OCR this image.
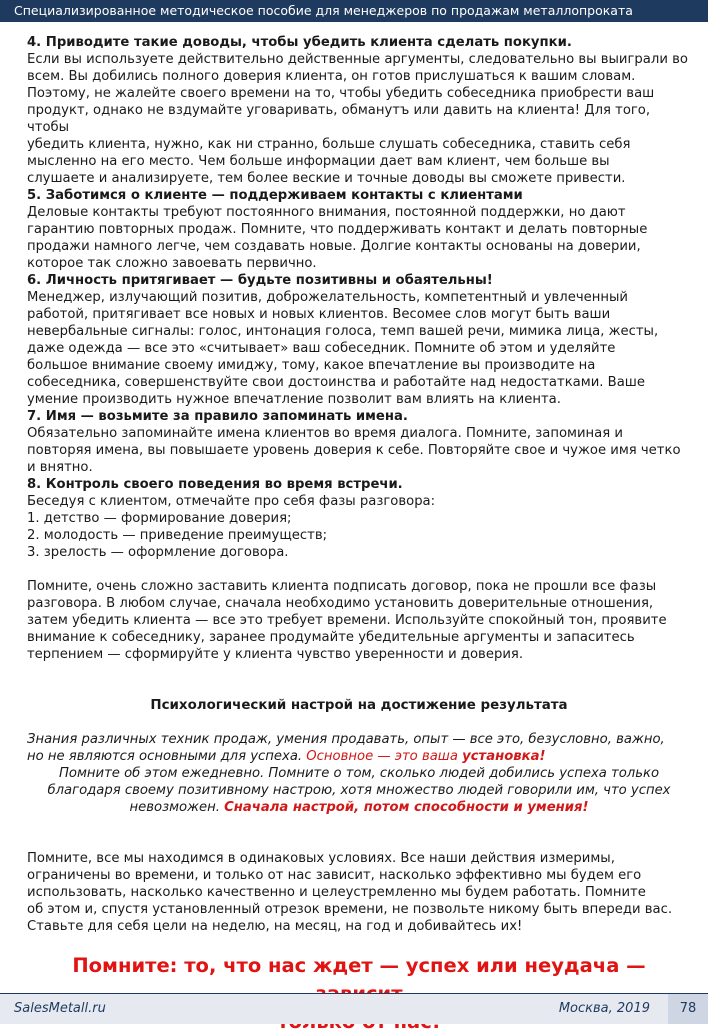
Специализированное методическое пособие для менеджеров по продажам металлопроката

4. Приводите такие доводы, чтобы убедить клиента сделать покупки.

Если вы используете действительно действенные аргументы, следовательно вы выиграли во

всем. Вы добились полного доверия клиента, он готов прислушаться к вашим словам.

Поэтому, не жалейте своего времени на то, чтобы убедить собеседника приобрести ваш

продукт, однако не вздумайте уговаривать, обманутъ или давить на клиента! Для того, чтобы

убедить клиента, нужно, как ни странно, больше слушать собеседника, ставить себя

мысленно на его место. Чем больше информации дает вам клиент, чем больше вы

слушаете и анализируете, тем более веские и точные доводы вы сможете привести.

5. Заботимся о клиенте — поддерживаем контакты с клиентами

Деловые контакты требуют постоянного внимания, постоянной поддержки, но дают

гарантию повторных продаж. Помните, что поддерживать контакт и делать повторные

продажи намного легче, чем создавать новые. Долгие контакты основаны на доверии,

которое так сложно завоевать первично.

6. Личность притягивает — будьте позитивны и обаятельны!

Менеджер, излучающий позитив, доброжелательность, компетентный и увлеченный

работой, притягивает все новых и новых клиентов. Весомее слов могут быть ваши

невербальные сигналы: голос, интонация голоса, темп вашей речи, мимика лица, жесты,

даже одежда — все это «считывает» ваш собеседник. Помните об этом и уделяйте

большое внимание своему имиджу, тому, какое впечатление вы производите на

собеседника, совершенствуйте свои достоинства и работайте над недостатками. Ваше

умение производить нужное впечатление позволит вам влиять на клиента.

7. Имя — возьмите за правило запоминать имена.

Обязательно запоминайте имена клиентов во время диалога. Помните, запоминая и

повторяя имена, вы повышаете уровень доверия к себе. Повторяйте свое и чужое имя четко

и внятно.

8. Контроль своего поведения во время встречи.

Беседуя с клиентом, отмечайте про себя фазы разговора:

1. детство — формирование доверия;

2. молодость — приведение преимуществ;

3. зрелость — оформление договора.

Помните, очень сложно заставить клиента подписать договор, пока не прошли все фазы

разговора. В любом случае, сначала необходимо установить доверительные отношения,

затем убедить клиента — все это требует времени. Используйте спокойный тон, проявите

внимание к собеседнику, заранее продумайте убедительные аргументы и запаситесь

терпением — сформируйте у клиента чувство уверенности и доверия.

Психологический настрой на достижение результата

Знания различных техник продаж, умения продавать, опыт — все это, безусловно, важно,

но не являются основными для успеха. Основное — это ваша установка!

Помните об этом ежедневно. Помните о том, сколько людей добились успеха только

благодаря своему позитивному настрою, хотя множество людей говорили им, что успех

невозможен. Сначала настрой, потом способности и умения!

Помните, все мы находимся в одинаковых условиях. Все наши действия измеримы,

ограничены во времени, и только от нас зависит, насколько эффективно мы будем его

использовать, насколько качественно и целеустремленно мы будем работать. Помните

об этом и, спустя установленный отрезок времени, не позвольте никому быть впереди вас.

Ставьте для себя цели на неделю, на месяц, на год и добивайтесь их!

Помните: то, что нас ждет — успех или неудача —

SalesMetall.ru	Москва, 2019	78
